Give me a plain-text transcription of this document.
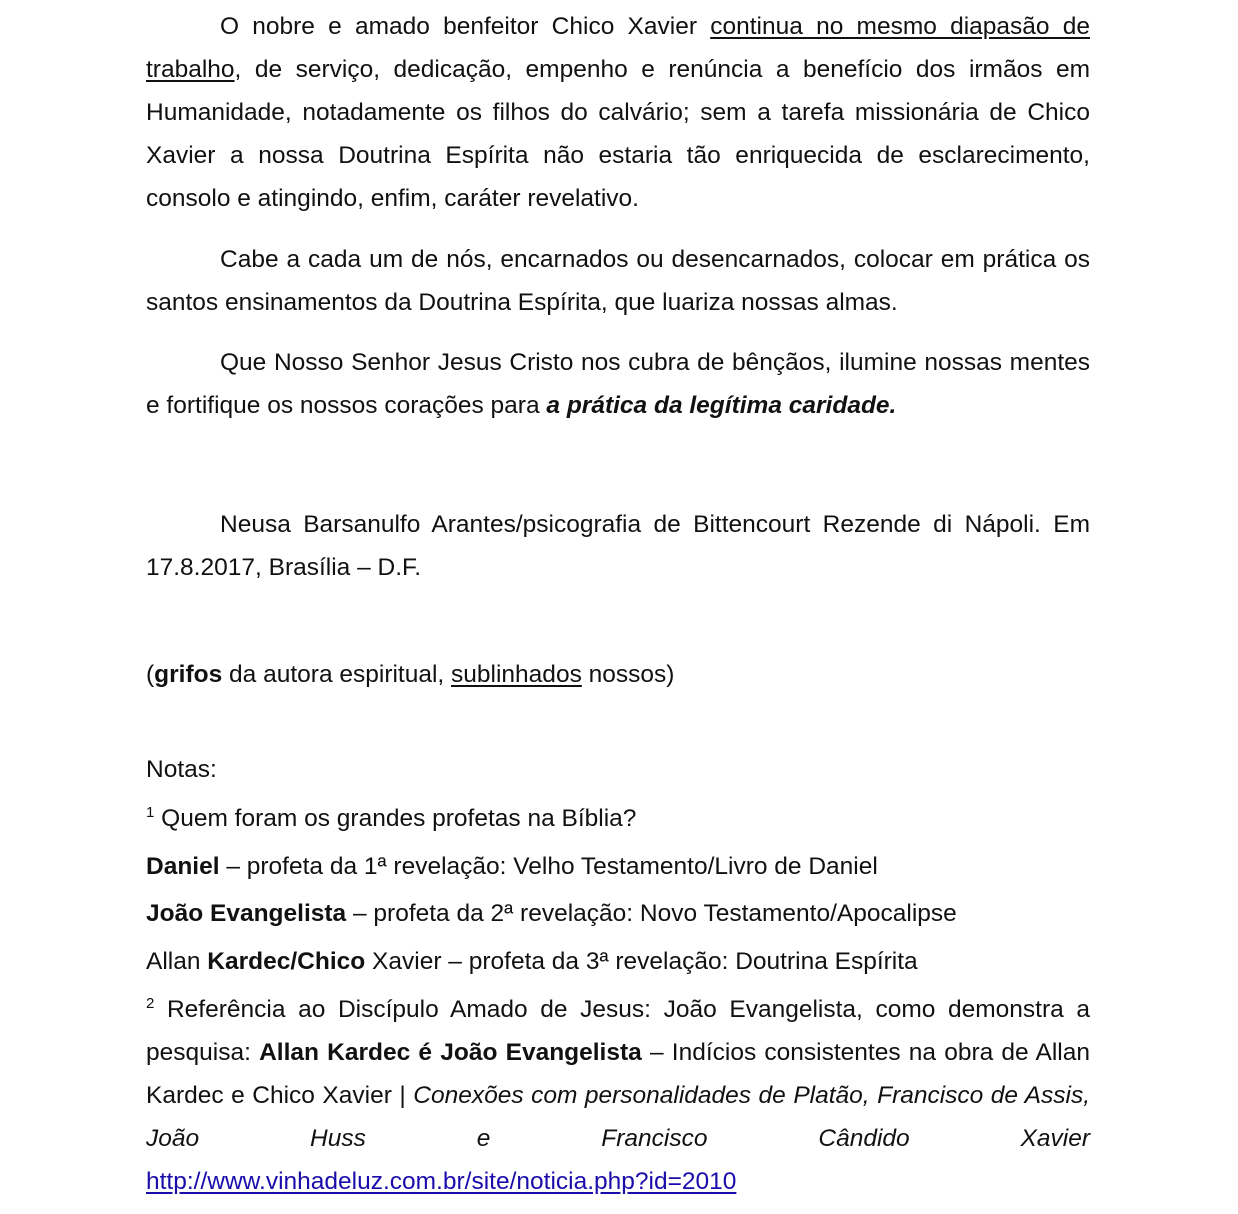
O nobre e amado benfeitor Chico Xavier continua no mesmo diapasão de trabalho, de serviço, dedicação, empenho e renúncia a benefício dos irmãos em Humanidade, notadamente os filhos do calvário; sem a tarefa missionária de Chico Xavier a nossa Doutrina Espírita não estaria tão enriquecida de esclarecimento, consolo e atingindo, enfim, caráter revelativo.

Cabe a cada um de nós, encarnados ou desencarnados, colocar em prática os santos ensinamentos da Doutrina Espírita, que luariza nossas almas.

Que Nosso Senhor Jesus Cristo nos cubra de bênçãos, ilumine nossas mentes e fortifique os nossos corações para a prática da legítima caridade.

Neusa Barsanulfo Arantes/psicografia de Bittencourt Rezende di Nápoli. Em 17.8.2017, Brasília – D.F.

(grifos da autora espiritual, sublinhados nossos)
Notas:
$^1$ Quem foram os grandes profetas na Bíblia?
Daniel – profeta da 1ª revelação: Velho Testamento/Livro de Daniel
João Evangelista – profeta da 2ª revelação: Novo Testamento/Apocalipse
Allan Kardec/Chico Xavier – profeta da 3ª revelação: Doutrina Espírita
$^2$ Referência ao Discípulo Amado de Jesus: João Evangelista, como demonstra a
pesquisa: Allan Kardec é João Evangelista – Indícios consistentes na obra de Allan
Kardec e Chico Xavier | Conexões com personalidades de Platão, Francisco de Assis,
João Huss e Francisco Cândido Xavier
http://www.vinhadeluz.com.br/site/noticia.php?id=2010
